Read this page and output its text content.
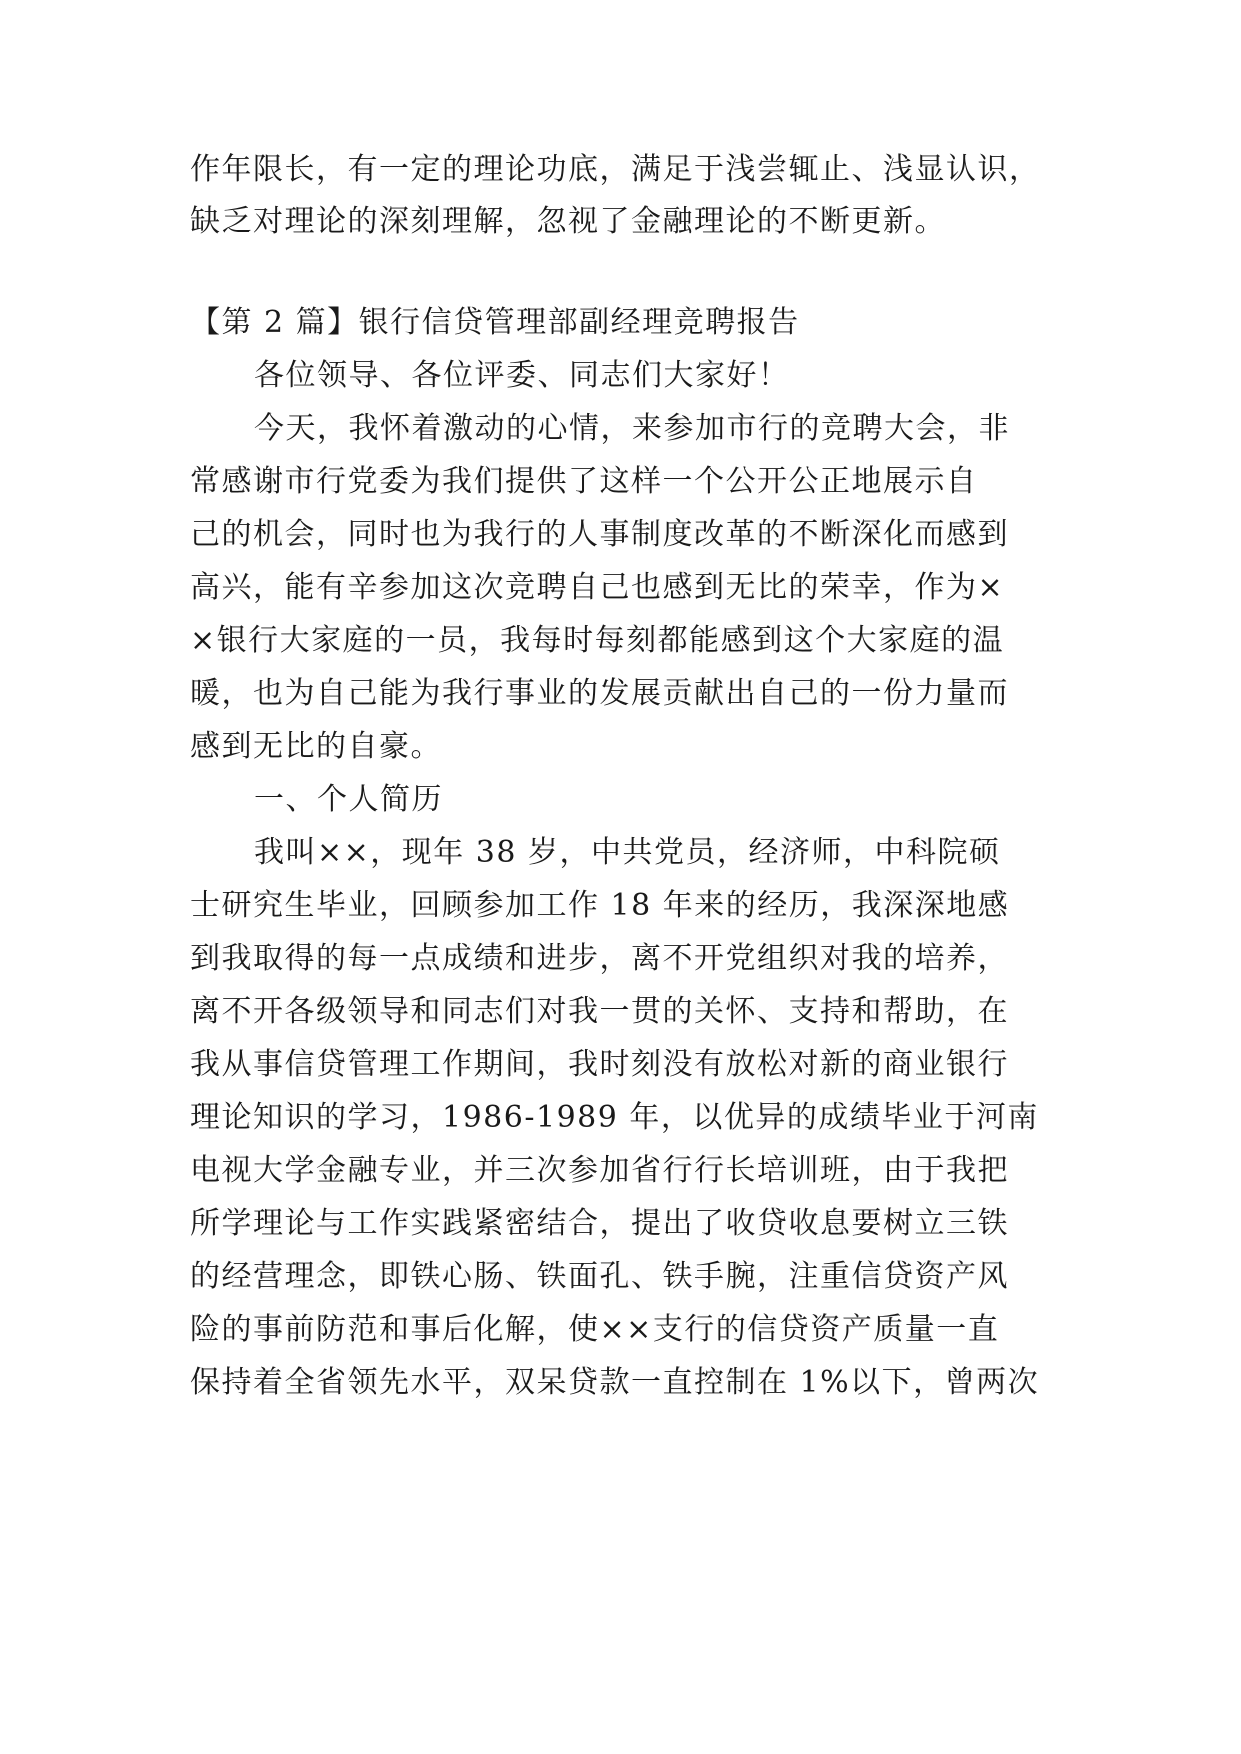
作年限长，有一定的理论功底，满足于浅尝辄止、浅显认识，
缺乏对理论的深刻理解，忽视了金融理论的不断更新。
【第 2 篇】银行信贷管理部副经理竞聘报告
各位领导、各位评委、同志们大家好！
今天，我怀着激动的心情，来参加市行的竞聘大会，非
常感谢市行党委为我们提供了这样一个公开公正地展示自
己的机会，同时也为我行的人事制度改革的不断深化而感到
高兴，能有辛参加这次竞聘自己也感到无比的荣幸，作为×
×银行大家庭的一员，我每时每刻都能感到这个大家庭的温
暖，也为自己能为我行事业的发展贡献出自己的一份力量而
感到无比的自豪。
一、个人简历
我叫××，现年 38 岁，中共党员，经济师，中科院硕
士研究生毕业，回顾参加工作 18 年来的经历，我深深地感
到我取得的每一点成绩和进步，离不开党组织对我的培养，
离不开各级领导和同志们对我一贯的关怀、支持和帮助，在
我从事信贷管理工作期间，我时刻没有放松对新的商业银行
理论知识的学习，1986-1989 年，以优异的成绩毕业于河南
电视大学金融专业，并三次参加省行行长培训班，由于我把
所学理论与工作实践紧密结合，提出了收贷收息要树立三铁
的经营理念，即铁心肠、铁面孔、铁手腕，注重信贷资产风
险的事前防范和事后化解，使××支行的信贷资产质量一直
保持着全省领先水平，双呆贷款一直控制在 1%以下，曾两次
